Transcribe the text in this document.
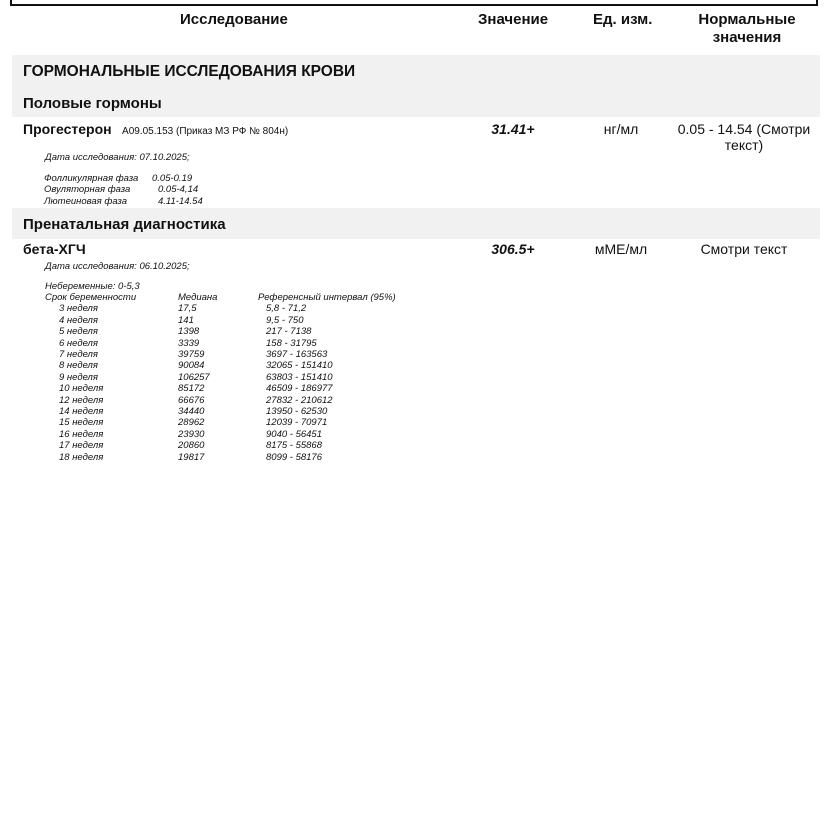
Исследование	Значение	Ед. изм.	Нормальные
значения
ГОРМОНАЛЬНЫЕ ИССЛЕДОВАНИЯ КРОВИ
Половые гормоны
Прогестерон A09.05.153 (Приказ МЗ РФ № 804н)	31.41+	нг/мл	0.05 - 14.54 (Смотри
текст)
Дата исследования: 07.10.2025;
Фолликулярная фаза	0.05-0.19
Овуляторная фаза	0.05-4,14
Лютеиновая фаза	4.11-14.54
Пренатальная диагностика
бета-ХГЧ	306.5+	мМЕ/мл	Смотри текст
Дата исследования: 06.10.2025;
Небеременные: 0-5,3
Срок беременности	Медиана	Референсный интервал (95%)
3 неделя	17,5	5,8 - 71,2
4 неделя	141	9,5 - 750
5 неделя	1398	217 - 7138
6 неделя	3339	158 - 31795
7 неделя	39759	3697 - 163563
8 неделя	90084	32065 - 151410
9 неделя	106257	63803 - 151410
10 неделя	85172	46509 - 186977
12 неделя	66676	27832 - 210612
14 неделя	34440	13950 - 62530
15 неделя	28962	12039 - 70971
16 неделя	23930	9040 - 56451
17 неделя	20860	8175 - 55868
18 неделя	19817	8099 - 58176
